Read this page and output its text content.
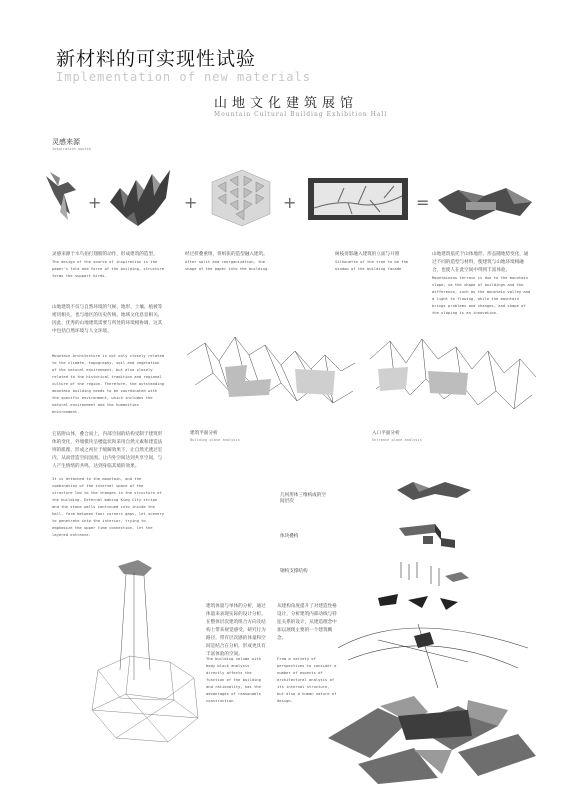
新材料的可实现性试验
Implementation of new materials
山地文化建筑展馆
Mountain Cultural Building Exhibition Hall
灵感来源
Inspiration source
+	+	+	=
灵感来源于水鸟拍打翅膀的动作，形成建筑的造型。
The design of the source of inspiration is the paper's fold and force of the building, structure forms the support birds.
经过折叠重组，将纸张的造型融入建筑。
After split and reorganization, the shape of the paper into the building.
树枝剪影融入建筑的立面与开窗
Silhouette of the tree to be the window of the building facade
山地建筑依托于山体地形，形态随地势变化，通过不同的造型与材料，使建筑与山地环境相融合，也使人在此空间中得到丰富体验。
Mountainous terrain is due to the mountain slope, so the shape of buildings and the difference, such as the mountain valley and a light to flowing, while the mountain brings problems and changes, and shape of the sloping is an innovation.
山地建筑不仅与自然环境的气候、地形、土壤、植被等密切相关，也与地区的历史传统、地域文化息息相关。因此，优秀的山地建筑需要与所处的环境相协调，这其中包括自然环境与人文环境。
Mountain Architecture is not only closely related to the climate, topography, soil and vegetation of the natural environment, but also closely related to the historical tradition and regional culture of the region. Therefore, the outstanding mountain building needs to be coordinated with the specific environment, which includes the natural environment and the humanities environment.
建筑平面分析
Building plane analysis
入口平面分析
Entrance plane analysis
它依附山体，叠合而上，内部空间的结构受制于建筑形体的变化，外墙模块呈楼盘状和采用自然元素和建造法则的肌理，形成之初位于缓解效果下，让自然光透过室内，从而营造空间氛围。让内外空间达到共享空间，与人产生情绪的共鸣，达到身临其境的效果。
It is attached to the mountain, and the combination of the internal space of the structure led to the changes in the structure of the building. External making King City stripe and the stone walls continued into inside the hall, form between four corners gaps, let scenery to penetrate into the interior, trying to emphasize the upper time connection, let the layered entrance.
几何形体三维构成的空间层次
体块叠构
钢构支撑结构
建筑体量与单体的分析，通过体量来表现实际的设计分析。在整体层次建筑组合方向及结构上带来视觉感受，研究行为路径。带有层次感的体量和空间是结合在分析，形成更具有丰富体验的空间。
The building volume with body block analysis directly affects the function of the building and rationality, has the advantages of reasonable construction.
从建构角度提升了对建造性格设计，分析建筑内部动线与特征关系的设计，从建造理念中加以展现主要的一个建筑概念。
From a variety of perspectives to consider a number of aspects of architectural analysis of its internal structure, but also a human nature of design.
